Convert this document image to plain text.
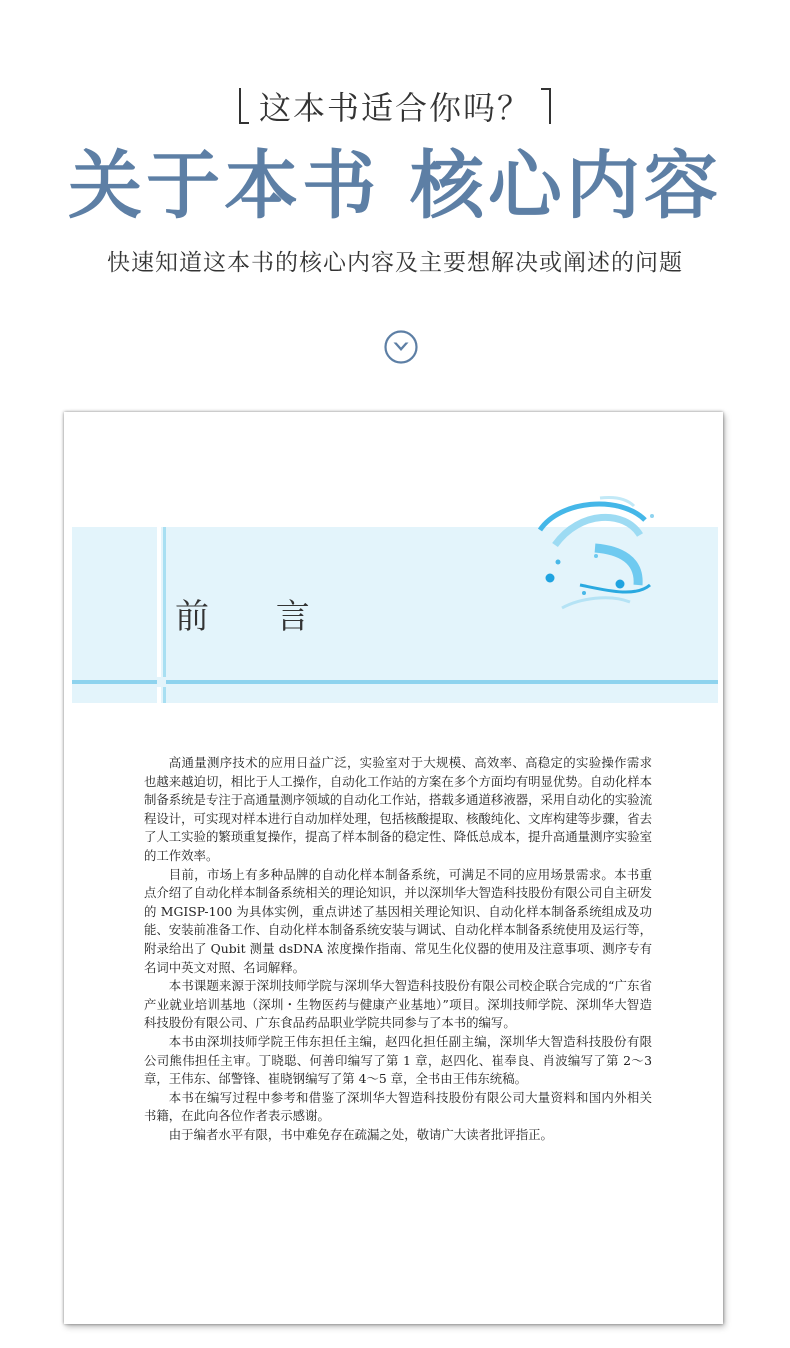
这本书适合你吗？
关于本书 核心内容
快速知道这本书的核心内容及主要想解决或阐述的问题
前 言

高通量测序技术的应用日益广泛，实验室对于大规模、高效率、高稳定的实验操作需求也越来越迫切，相比于人工操作，自动化工作站的方案在多个方面均有明显优势。自动化样本制备系统是专注于高通量测序领域的自动化工作站，搭载多通道移液器，采用自动化的实验流程设计，可实现对样本进行自动加样处理，包括核酸提取、核酸纯化、文库构建等步骤，省去了人工实验的繁琐重复操作，提高了样本制备的稳定性、降低总成本，提升高通量测序实验室的工作效率。

目前，市场上有多种品牌的自动化样本制备系统，可满足不同的应用场景需求。本书重点介绍了自动化样本制备系统相关的理论知识，并以深圳华大智造科技股份有限公司自主研发的 MGISP-100 为具体实例，重点讲述了基因相关理论知识、自动化样本制备系统组成及功能、安装前准备工作、自动化样本制备系统安装与调试、自动化样本制备系统使用及运行等，附录给出了 Qubit 测量 dsDNA 浓度操作指南、常见生化仪器的使用及注意事项、测序专有名词中英文对照、名词解释。

本书课题来源于深圳技师学院与深圳华大智造科技股份有限公司校企联合完成的“广东省产业就业培训基地（深圳・生物医药与健康产业基地）”项目。深圳技师学院、深圳华大智造科技股份有限公司、广东食品药品职业学院共同参与了本书的编写。

本书由深圳技师学院王伟东担任主编，赵四化担任副主编，深圳华大智造科技股份有限公司熊伟担任主审。丁晓聪、何善印编写了第 1 章，赵四化、崔奉良、肖波编写了第 2～3 章，王伟东、邰警锋、崔晓钢编写了第 4～5 章，全书由王伟东统稿。

本书在编写过程中参考和借鉴了深圳华大智造科技股份有限公司大量资料和国内外相关书籍，在此向各位作者表示感谢。

由于编者水平有限，书中难免存在疏漏之处，敬请广大读者批评指正。
